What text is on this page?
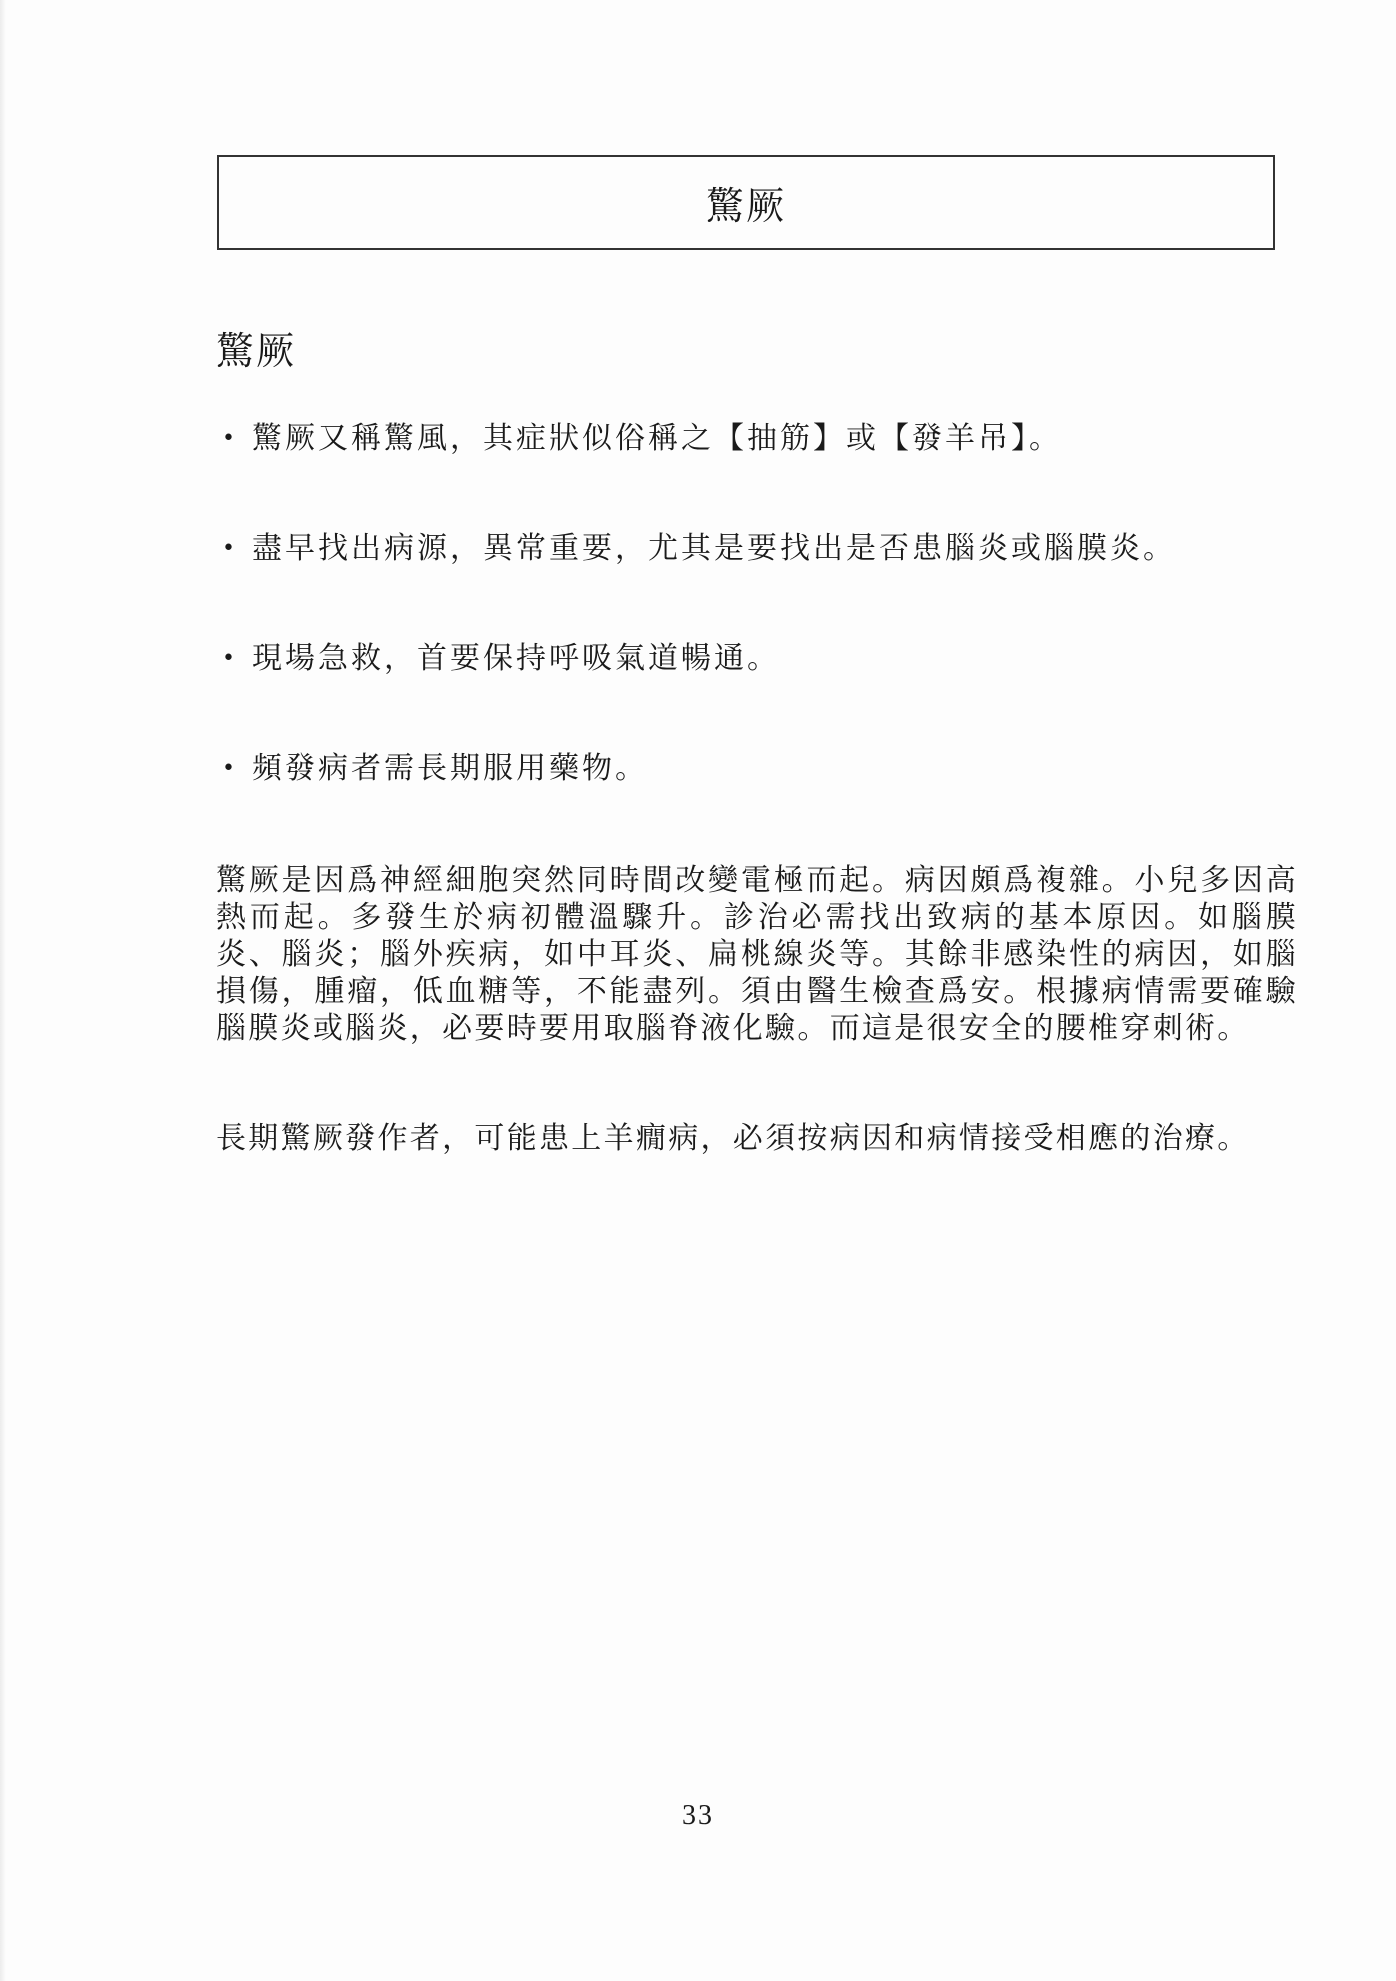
驚厥
驚厥
• 驚厥又稱驚風，其症狀似俗稱之【抽筋】或【發羊吊】。
• 盡早找出病源，異常重要，尤其是要找出是否患腦炎或腦膜炎。
• 現場急救，首要保持呼吸氣道暢通。
• 頻發病者需長期服用藥物。

驚厥是因爲神經細胞突然同時間改變電極而起。病因頗爲複雜。小兒多因高熱而起。多發生於病初體溫驟升。診治必需找出致病的基本原因。如腦膜炎、腦炎；腦外疾病，如中耳炎、扁桃線炎等。其餘非感染性的病因，如腦損傷，腫瘤，低血糖等，不能盡列。須由醫生檢查爲安。根據病情需要確驗腦膜炎或腦炎，必要時要用取腦脊液化驗。而這是很安全的腰椎穿刺術。

長期驚厥發作者，可能患上羊癇病，必須按病因和病情接受相應的治療。

33
